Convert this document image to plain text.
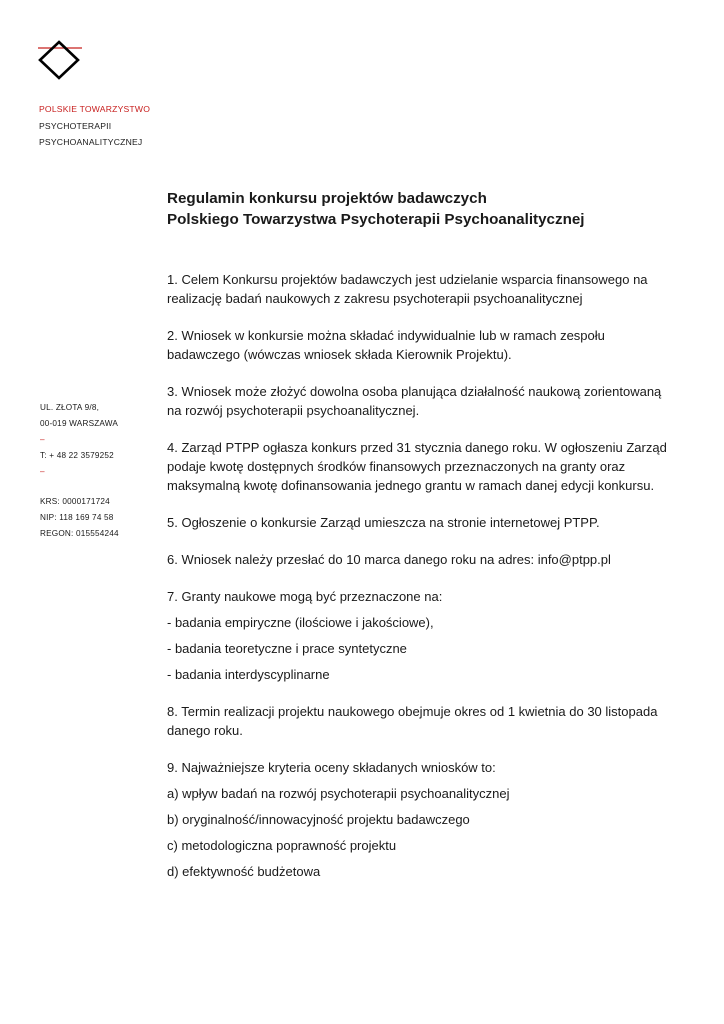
POLSKIE TOWARZYSTWO
PSYCHOTERAPII
PSYCHOANALITYCZNEJ
UL. ZŁOTA 9/8,
00-019 WARSZAWA
–
T: + 48 22 3579252
–
KRS: 0000171724
NIP: 118 169 74 58
REGON: 015554244
Regulamin konkursu projektów badawczych
Polskiego Towarzystwa Psychoterapii Psychoanalitycznej
1. Celem Konkursu projektów badawczych jest udzielanie wsparcia finansowego na
realizację badań naukowych z zakresu psychoterapii psychoanalitycznej
2. Wniosek w konkursie można składać indywidualnie lub w ramach zespołu
badawczego (wówczas wniosek składa Kierownik Projektu).
3. Wniosek może złożyć dowolna osoba planująca działalność naukową zorientowaną
na rozwój psychoterapii psychoanalitycznej.
4. Zarząd PTPP ogłasza konkurs przed 31 stycznia danego roku. W ogłoszeniu Zarząd
podaje kwotę dostępnych środków finansowych przeznaczonych na granty oraz
maksymalną kwotę dofinansowania jednego grantu w ramach danej edycji konkursu.
5. Ogłoszenie o konkursie Zarząd umieszcza na stronie internetowej PTPP.
6. Wniosek należy przesłać do 10 marca danego roku na adres: info@ptpp.pl
7. Granty naukowe mogą być przeznaczone na:
- badania empiryczne (ilościowe i jakościowe),
- badania teoretyczne i prace syntetyczne
- badania interdyscyplinarne
8. Termin realizacji projektu naukowego obejmuje okres od 1 kwietnia do 30 listopada
danego roku.
9. Najważniejsze kryteria oceny składanych wniosków to:
a) wpływ badań na rozwój psychoterapii psychoanalitycznej
b) oryginalność/innowacyjność projektu badawczego
c) metodologiczna poprawność projektu
d) efektywność budżetowa
